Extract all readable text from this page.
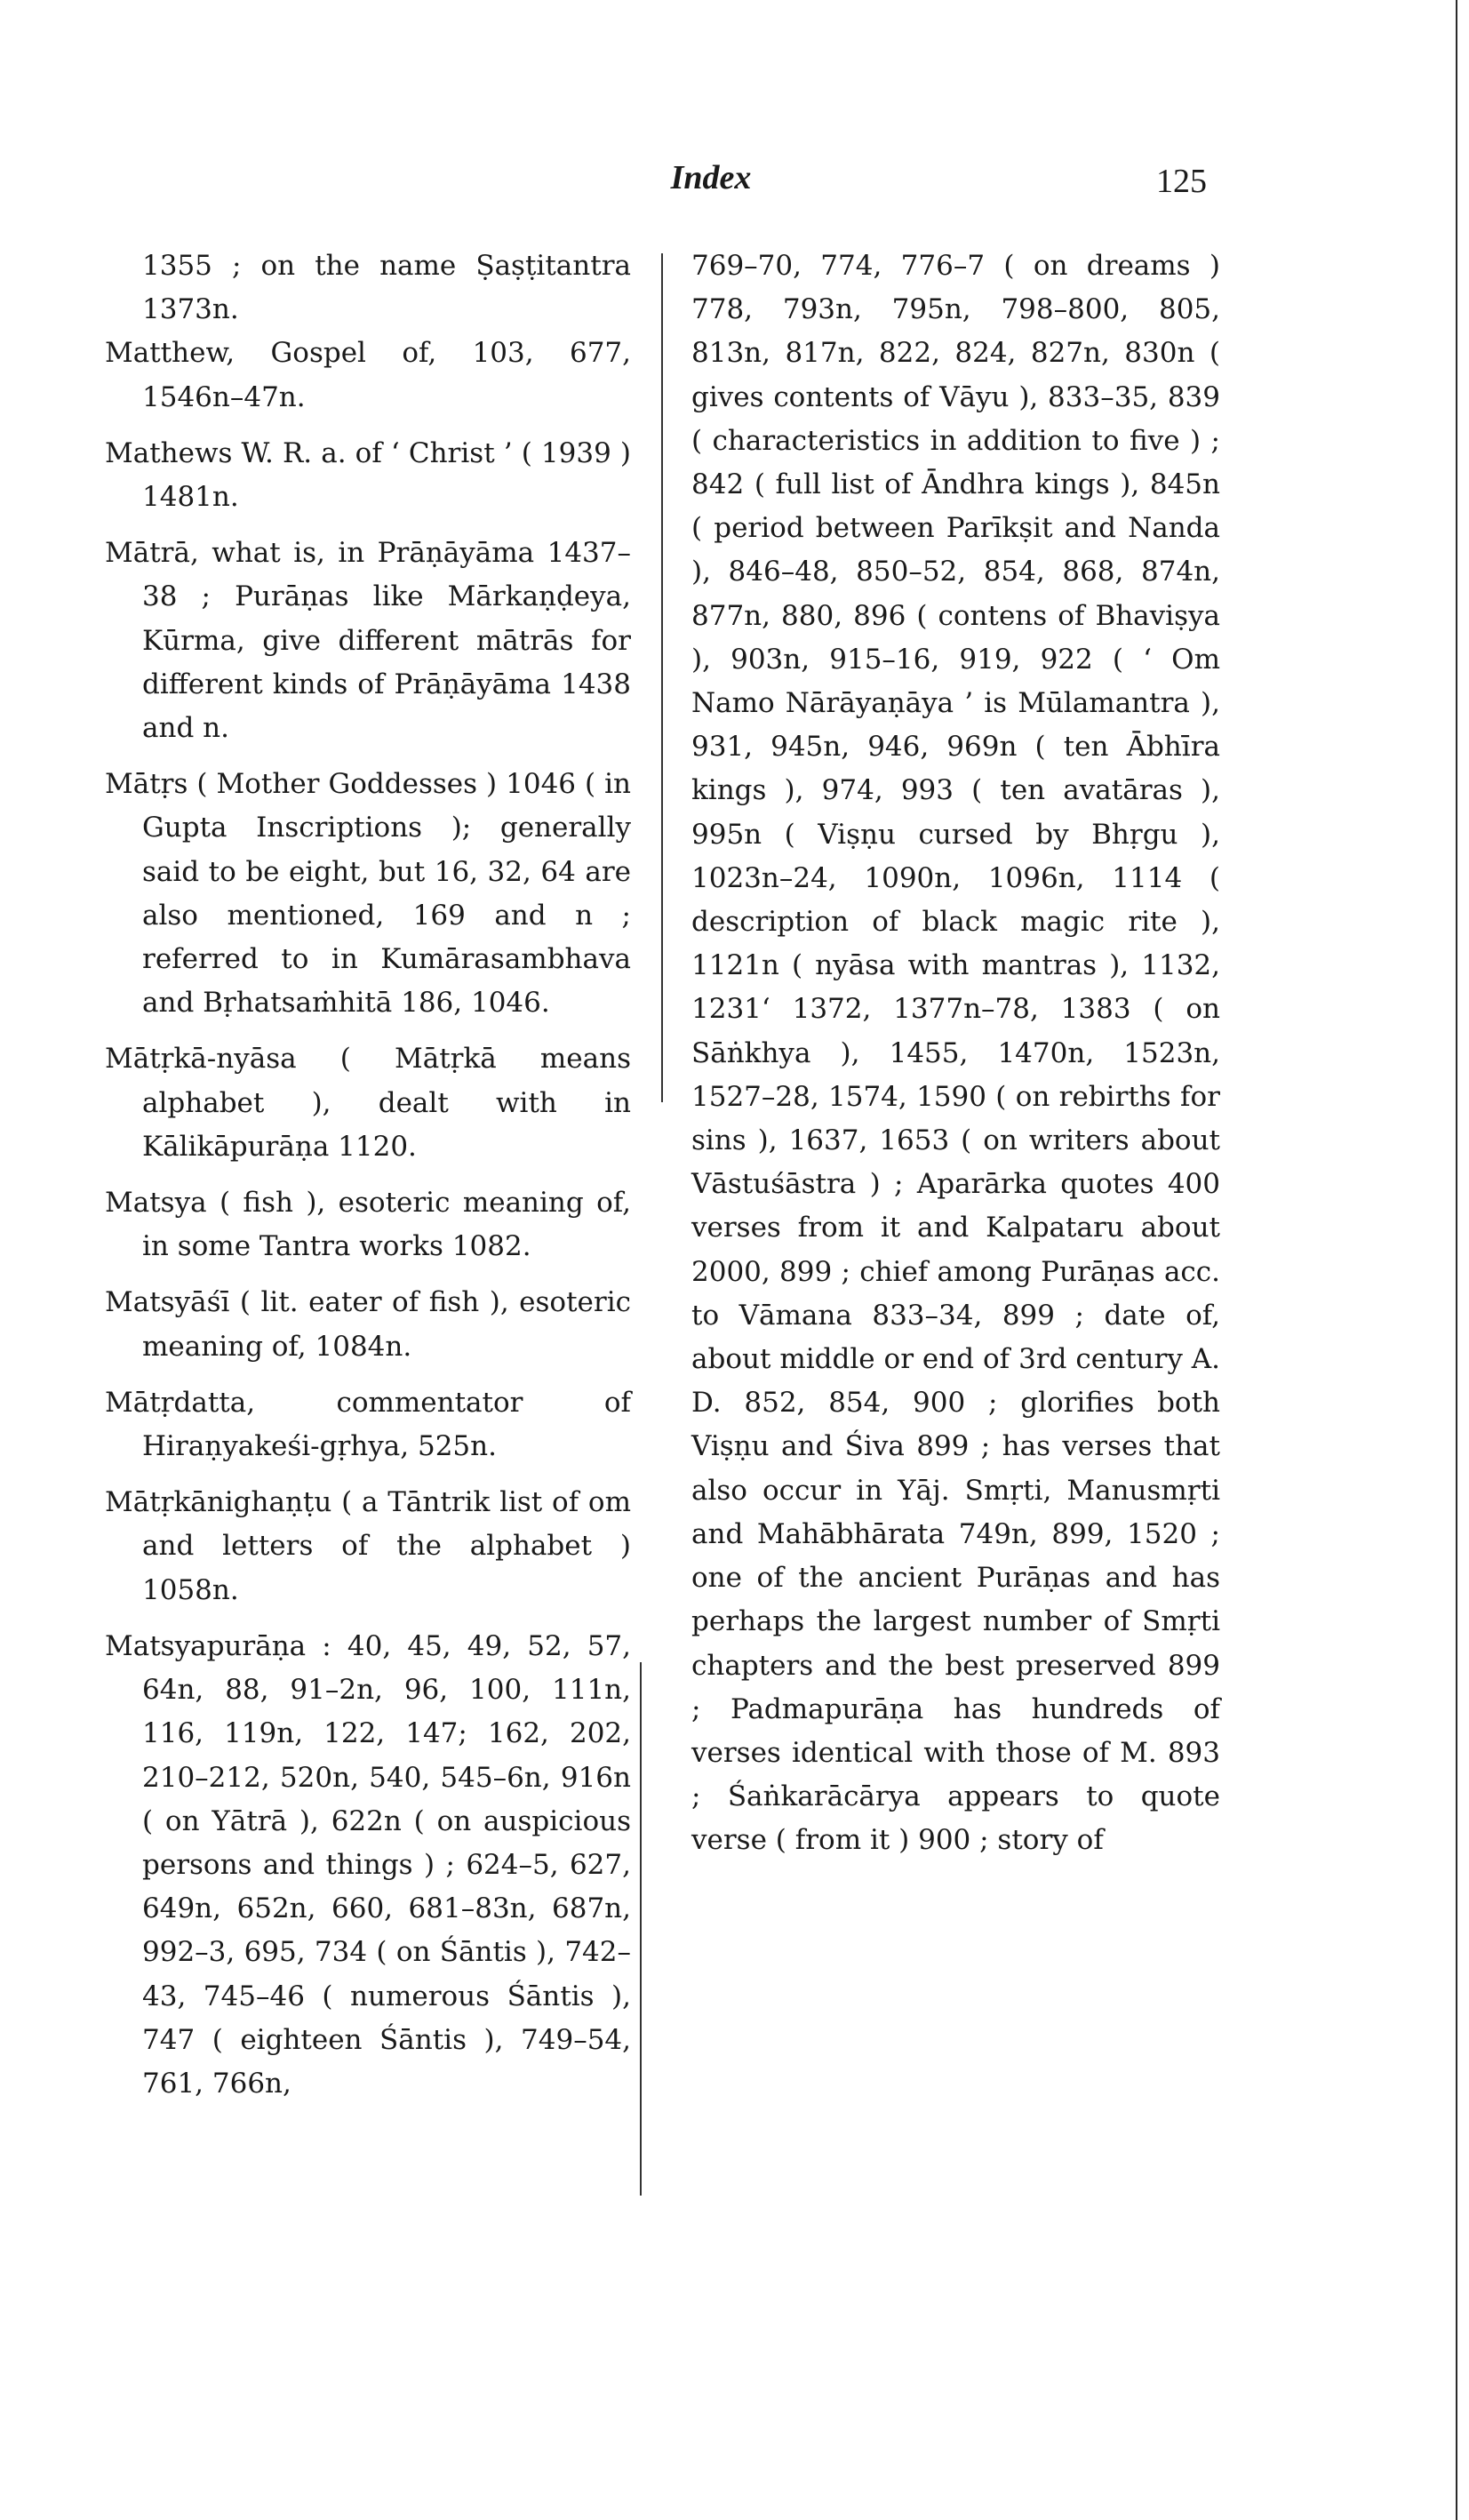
Index	125

1355 ; on the name Ṣaṣṭitantra 1373n.

Matthew, Gospel of, 103, 677, 1546n–47n.

Mathews W. R. a. of ‘ Christ ’ ( 1939 ) 1481n.

Mātrā, what is, in Prāṇāyāma 1437–38 ; Purāṇas like Mārkaṇḍeya, Kūrma, give different mātrās for different kinds of Prāṇāyāma 1438 and n.

Mātṛs ( Mother Goddesses ) 1046 ( in Gupta Inscriptions ); generally said to be eight, but 16, 32, 64 are also mentioned, 169 and n ; referred to in Kumārasambhava and Bṛhatsaṁhitā 186, 1046.

Mātṛkā-nyāsa ( Mātṛkā means alphabet ), dealt with in Kālikāpurāṇa 1120.

Matsya ( fish ), esoteric meaning of, in some Tantra works 1082.

Matsyāśī ( lit. eater of fish ), esoteric meaning of, 1084n.

Mātṛdatta, commentator of Hiraṇyakeśi-gṛhya, 525n.

Mātṛkānighaṇṭu ( a Tāntrik list of om and letters of the alphabet ) 1058n.

Matsyapurāṇa : 40, 45, 49, 52, 57, 64n, 88, 91–2n, 96, 100, 111n, 116, 119n, 122, 147; 162, 202, 210–212, 520n, 540, 545–6n, 916n ( on Yātrā ), 622n ( on auspicious persons and things ) ; 624–5, 627, 649n, 652n, 660, 681–83n, 687n, 992–3, 695, 734 ( on Śāntis ), 742–43, 745–46 ( numerous Śāntis ), 747 ( eighteen Śāntis ), 749–54, 761, 766n,

769–70, 774, 776–7 ( on dreams ) 778, 793n, 795n, 798–800, 805, 813n, 817n, 822, 824, 827n, 830n ( gives contents of Vāyu ), 833–35, 839 ( characteristics in addition to five ) ; 842 ( full list of Āndhra kings ), 845n ( period between Parīkṣit and Nanda ), 846–48, 850–52, 854, 868, 874n, 877n, 880, 896 ( contens of Bhaviṣya ), 903n, 915–16, 919, 922 ( ‘ Om Namo Nārāyaṇāya ’ is Mūlamantra ), 931, 945n, 946, 969n ( ten Ābhīra kings ), 974, 993 ( ten avatāras ), 995n ( Viṣṇu cursed by Bhṛgu ), 1023n–24, 1090n, 1096n, 1114 ( description of black magic rite ), 1121n ( nyāsa with mantras ), 1132, 1231‘ 1372, 1377n–78, 1383 ( on Sāṅkhya ), 1455, 1470n, 1523n, 1527–28, 1574, 1590 ( on rebirths for sins ), 1637, 1653 ( on writers about Vāstuśāstra ) ; Aparārka quotes 400 verses from it and Kalpataru about 2000, 899 ; chief among Purāṇas acc. to Vāmana 833–34, 899 ; date of, about middle or end of 3rd century A. D. 852, 854, 900 ; glorifies both Viṣṇu and Śiva 899 ; has verses that also occur in Yāj. Smṛti, Manusmṛti and Mahābhārata 749n, 899, 1520 ; one of the ancient Purāṇas and has perhaps the largest number of Smṛti chapters and the best preserved 899 ; Padmapurāṇa has hundreds of verses identical with those of M. 893 ; Śaṅkarācārya appears to quote verse ( from it ) 900 ; story of
